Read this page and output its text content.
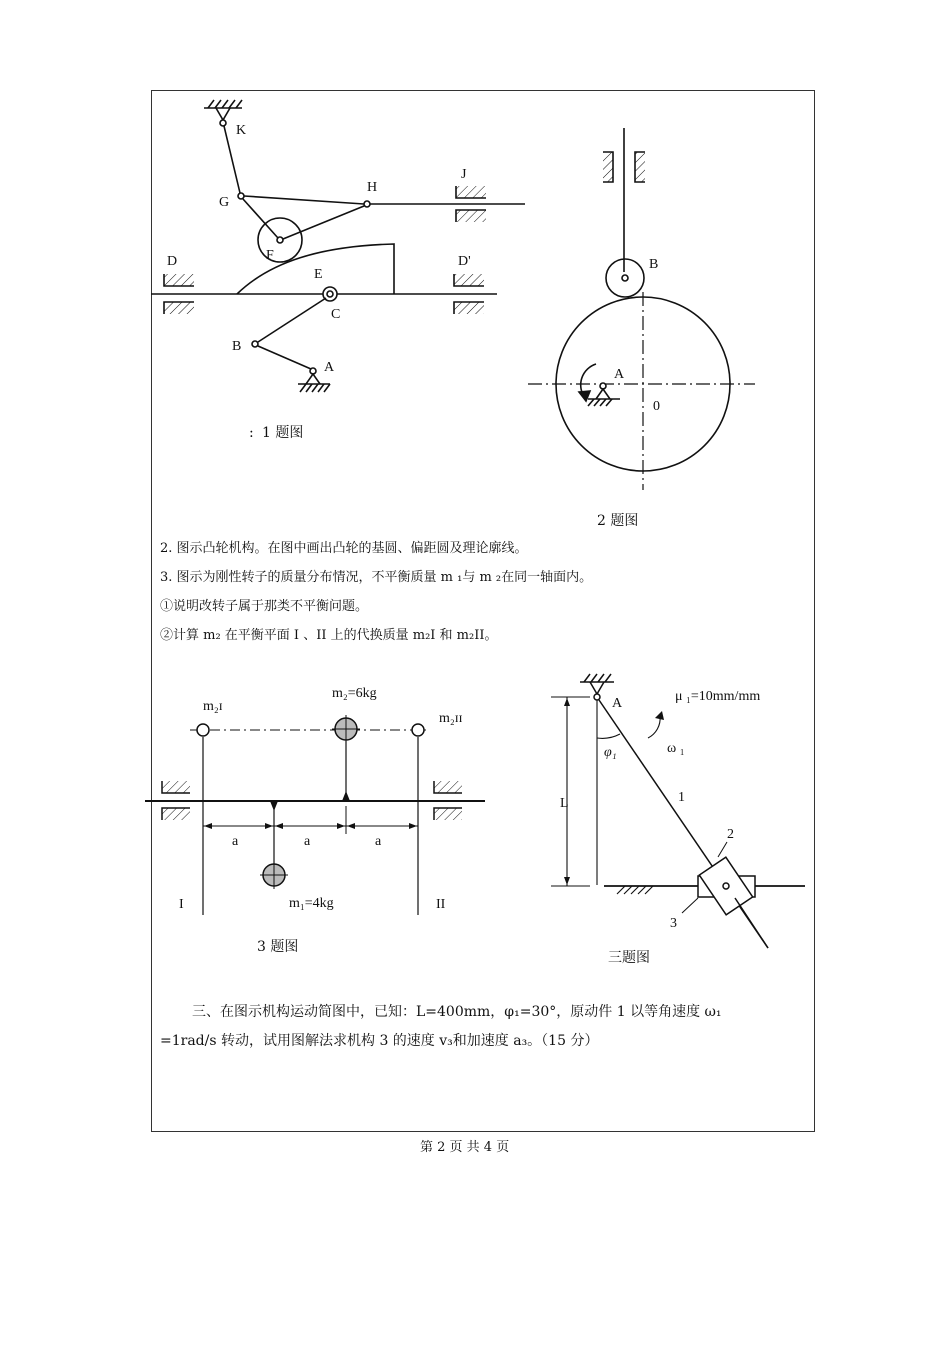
K
G
H
J
F
E
D	D'
C
B
A
: 1 题图
B
A
0
2 题图
m₂ɪ
m₂=6kg
m₂ɪɪ
a	a	a
I	II
m₁=4kg
3 题图
μ ₁=10mm/mm
A
φ₁	ω ₁
L	1
2
3
三题图
2. 图示凸轮机构。在图中画出凸轮的基圆、偏距圆及理论廓线。
3. 图示为刚性转子的质量分布情况，不平衡质量 m ₁与 m ₂在同一轴面内。
①说明改转子属于那类不平衡问题。
②计算 m₂ 在平衡平面 I 、II 上的代换质量 m₂I 和 m₂II。
三、在图示机构运动简图中，已知：L=400mm，φ₁=30°，原动件 1 以等角速度 ω₁
=1rad/s 转动，试用图解法求机构 3 的速度 v₃和加速度 a₃。（15 分）
第 2 页 共 4 页
